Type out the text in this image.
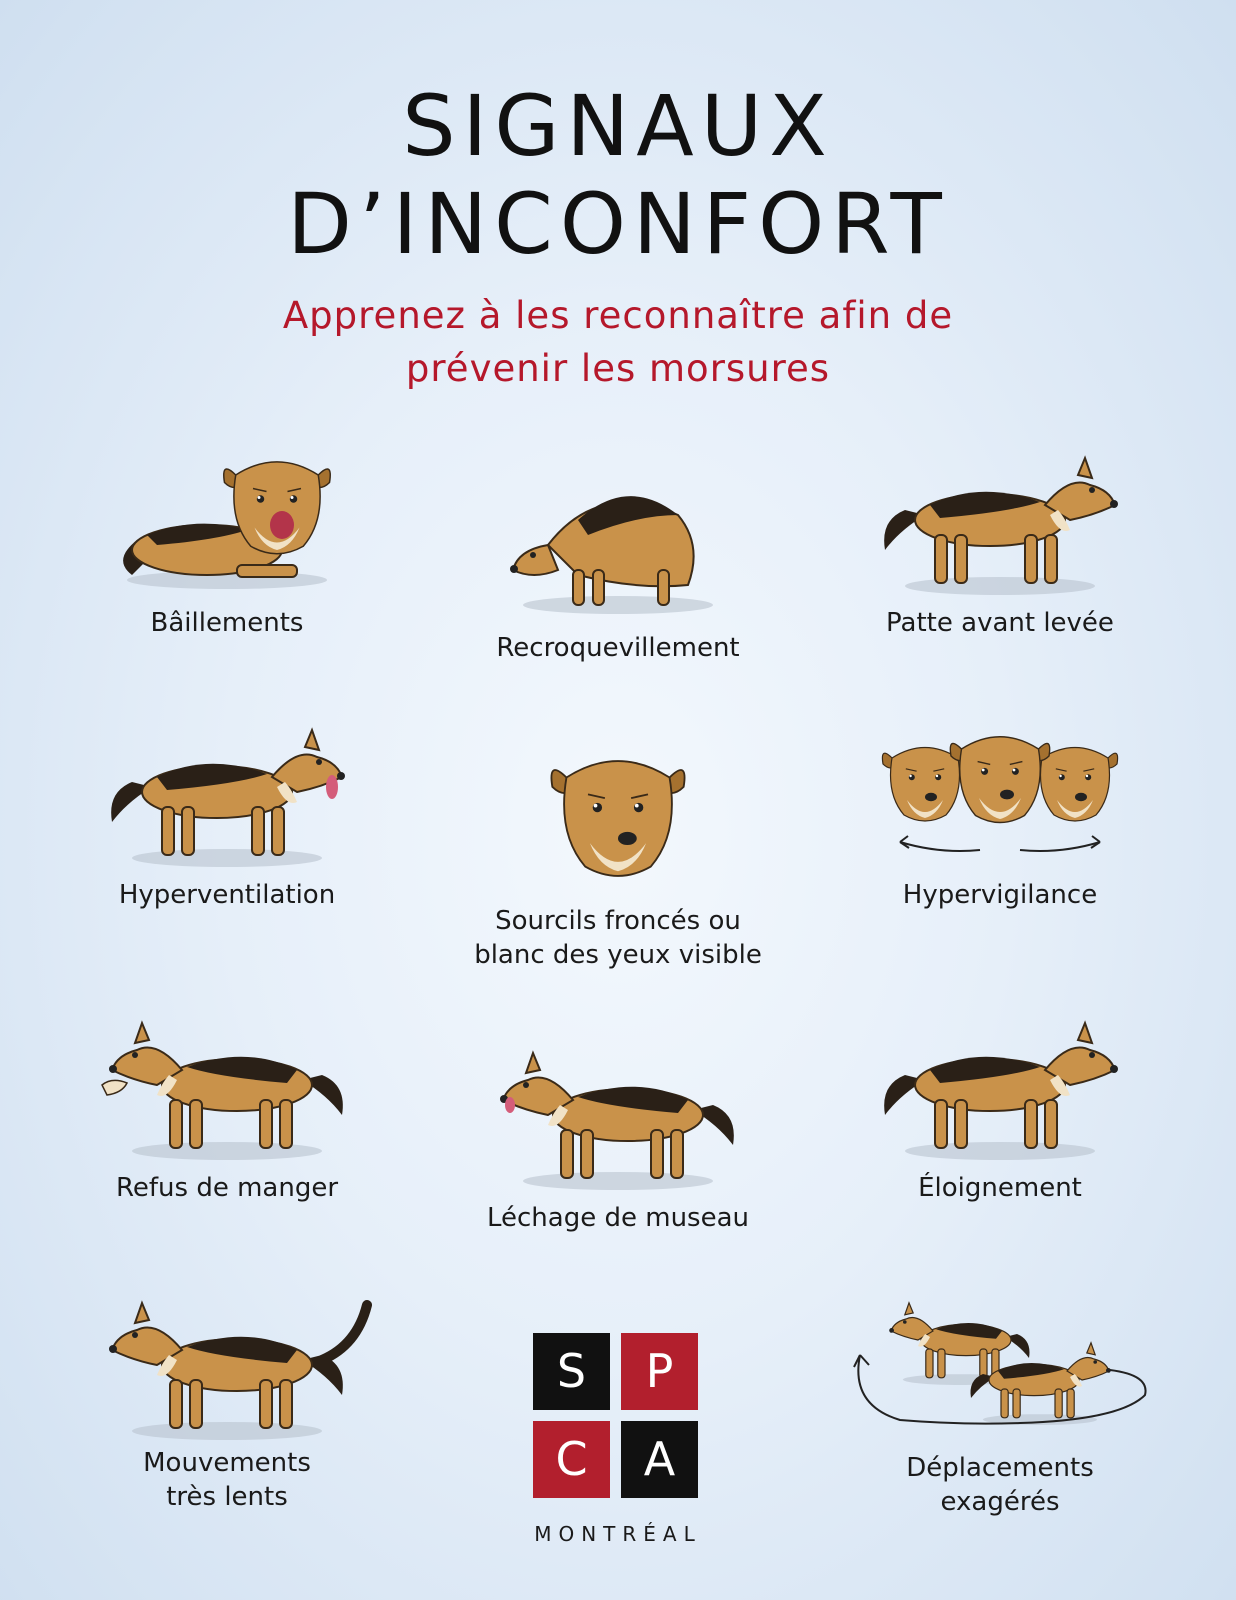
SIGNAUX
D’INCONFORT
Apprenez à les reconnaître afin de
prévenir les morsures
Bâillements
Recroquevillement
Patte avant levée
Hyperventilation
Sourcils froncés ou
blanc des yeux visible
Hypervigilance
Refus de manger
Léchage de museau
Éloignement
Mouvements
très lents
S	P
C	A
MONTRÉAL
Déplacements
exagérés
